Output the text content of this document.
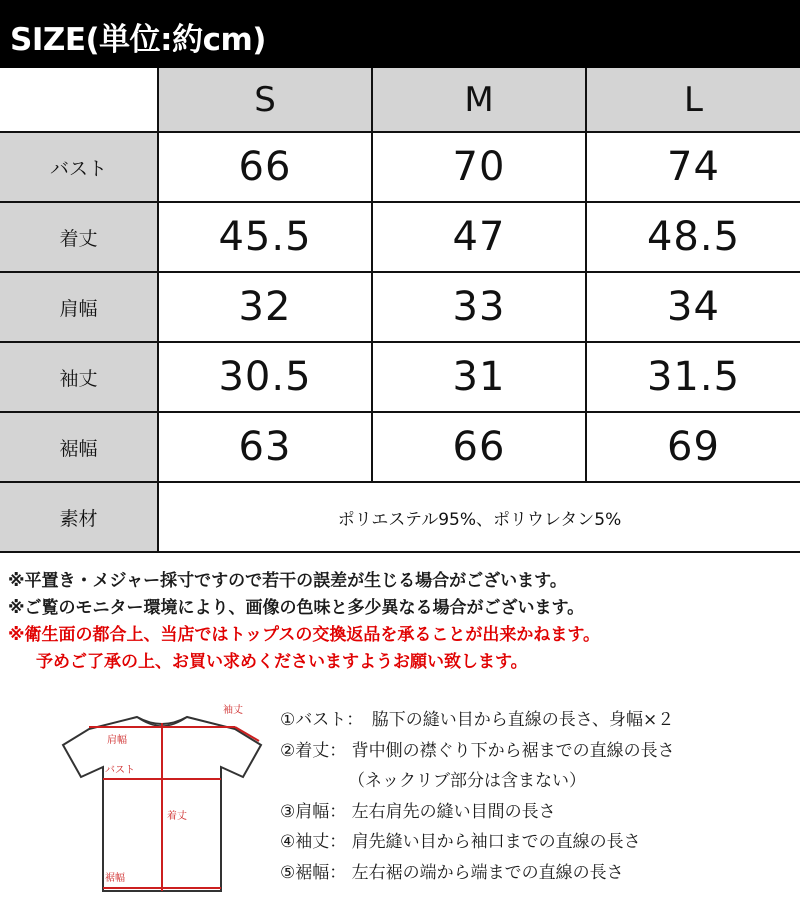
SIZE(単位:約cm)
	S	M	L
バスト	66	70	74
着丈	45.5	47	48.5
肩幅	32	33	34
袖丈	30.5	31	31.5
裾幅	63	66	69
素材	ポリエステル95%、ポリウレタン5%		
※平置き・メジャー採寸ですので若干の誤差が生じる場合がございます。
※ご覧のモニター環境により、画像の色味と多少異なる場合がございます。
※衛生面の都合上、当店ではトップスの交換返品を承ることが出来かねます。
予めご了承の上、お買い求めくださいますようお願い致します。
肩幅
袖丈
バスト
着丈
裾幅
①バスト：　脇下の縫い目から直線の長さ、身幅×２
②着丈： 背中側の襟ぐり下から裾までの直線の長さ
（ネックリブ部分は含まない）
③肩幅： 左右肩先の縫い目間の長さ
④袖丈： 肩先縫い目から袖口までの直線の長さ
⑤裾幅： 左右裾の端から端までの直線の長さ
